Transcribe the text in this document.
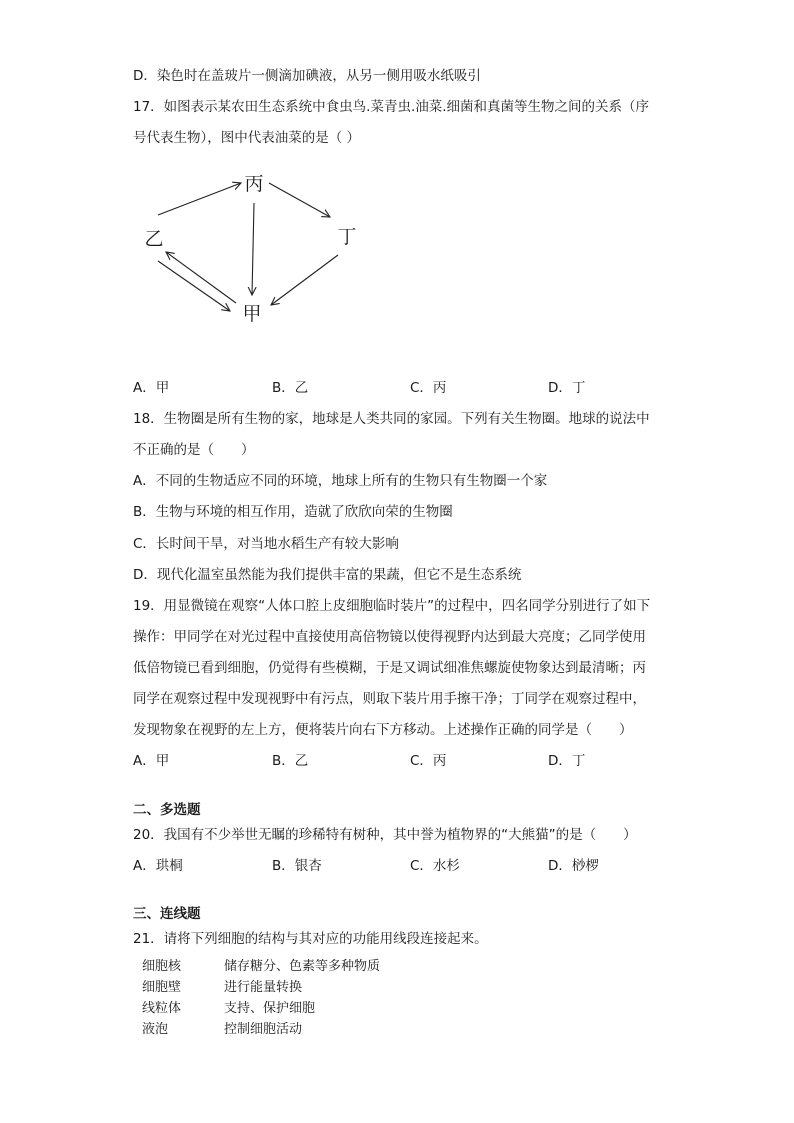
D．染色时在盖玻片一侧滴加碘液，从另一侧用吸水纸吸引
17．如图表示某农田生态系统中食虫鸟.菜青虫.油菜.细菌和真菌等生物之间的关系（序
号代表生物），图中代表油菜的是（ ）
丙
乙	丁
甲
A．甲	B．乙	C．丙	D．丁
18．生物圈是所有生物的家，地球是人类共同的家园。下列有关生物圈。地球的说法中
不正确的是（　　）
A．不同的生物适应不同的环境，地球上所有的生物只有生物圈一个家
B．生物与环境的相互作用，造就了欣欣向荣的生物圈
C．长时间干旱，对当地水稻生产有较大影响
D．现代化温室虽然能为我们提供丰富的果蔬，但它不是生态系统
19．用显微镜在观察“人体口腔上皮细胞临时装片”的过程中，四名同学分别进行了如下
操作：甲同学在对光过程中直接使用高倍物镜以使得视野内达到最大亮度；乙同学使用
低倍物镜已看到细胞，仍觉得有些模糊，于是又调试细准焦螺旋使物象达到最清晰；丙
同学在观察过程中发现视野中有污点，则取下装片用手擦干净；丁同学在观察过程中，
发现物象在视野的左上方，便将装片向右下方移动。上述操作正确的同学是（　　）
A．甲	B．乙	C．丙	D．丁
二、多选题
20．我国有不少举世无瞩的珍稀特有树种，其中誉为植物界的“大熊猫”的是（　　）
A．珙桐	B．银杏	C．水杉	D．桫椤
三、连线题
21．请将下列细胞的结构与其对应的功能用线段连接起来。
细胞核	储存糖分、色素等多种物质
细胞壁	进行能量转换
线粒体	支持、保护细胞
液泡	控制细胞活动
